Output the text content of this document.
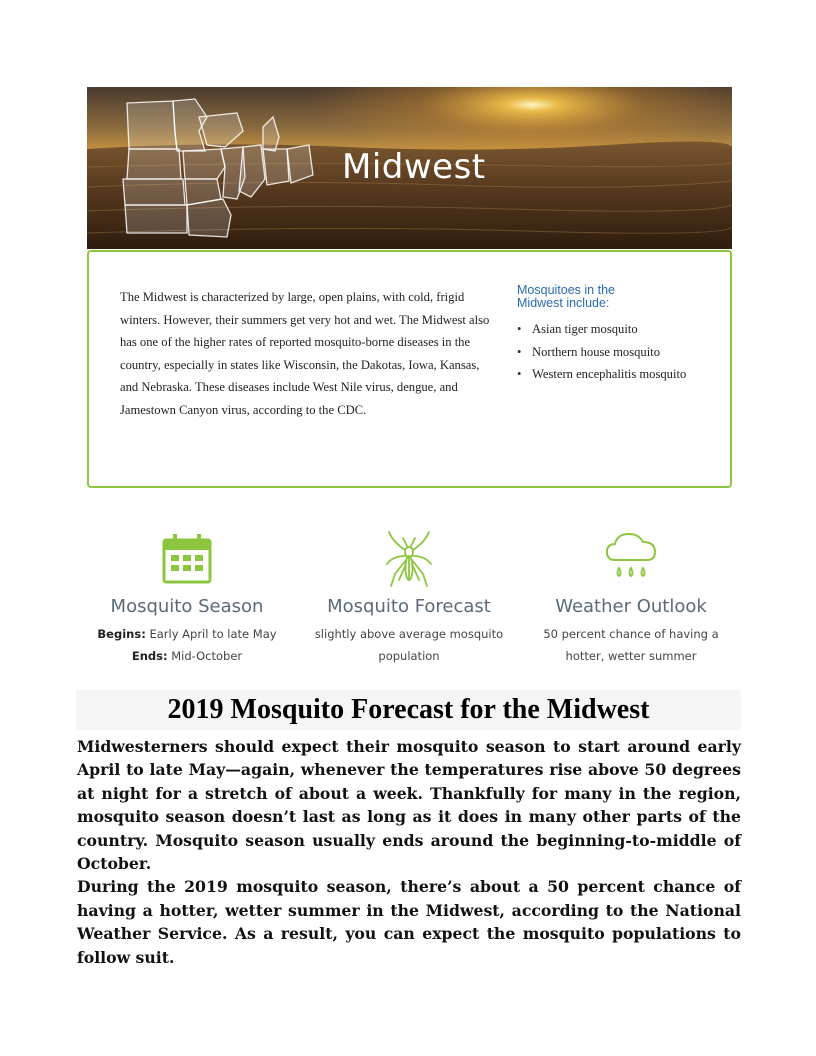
Midwest

The Midwest is characterized by large, open plains, with cold, frigid winters. However, their summers get very hot and wet. The Midwest also has one of the higher rates of reported mosquito-borne diseases in the country, especially in states like Wisconsin, the Dakotas, Iowa, Kansas, and Nebraska. These diseases include West Nile virus, dengue, and Jamestown Canyon virus, according to the CDC.

Mosquitoes in the Midwest include:

• Asian tiger mosquito
• Northern house mosquito
• Western encephalitis mosquito
Mosquito Season
Begins: Early April to late May
Ends: Mid-October
Mosquito Forecast
slightly above average mosquito population
Weather Outlook
50 percent chance of having a hotter, wetter summer
2019 Mosquito Forecast for the Midwest

Midwesterners should expect their mosquito season to start around early April to late May—again, whenever the temperatures rise above 50 degrees at night for a stretch of about a week. Thankfully for many in the region, mosquito season doesn’t last as long as it does in many other parts of the country. Mosquito season usually ends around the beginning-to-middle of October.

During the 2019 mosquito season, there’s about a 50 percent chance of having a hotter, wetter summer in the Midwest, according to the National Weather Service. As a result, you can expect the mosquito populations to follow suit.
